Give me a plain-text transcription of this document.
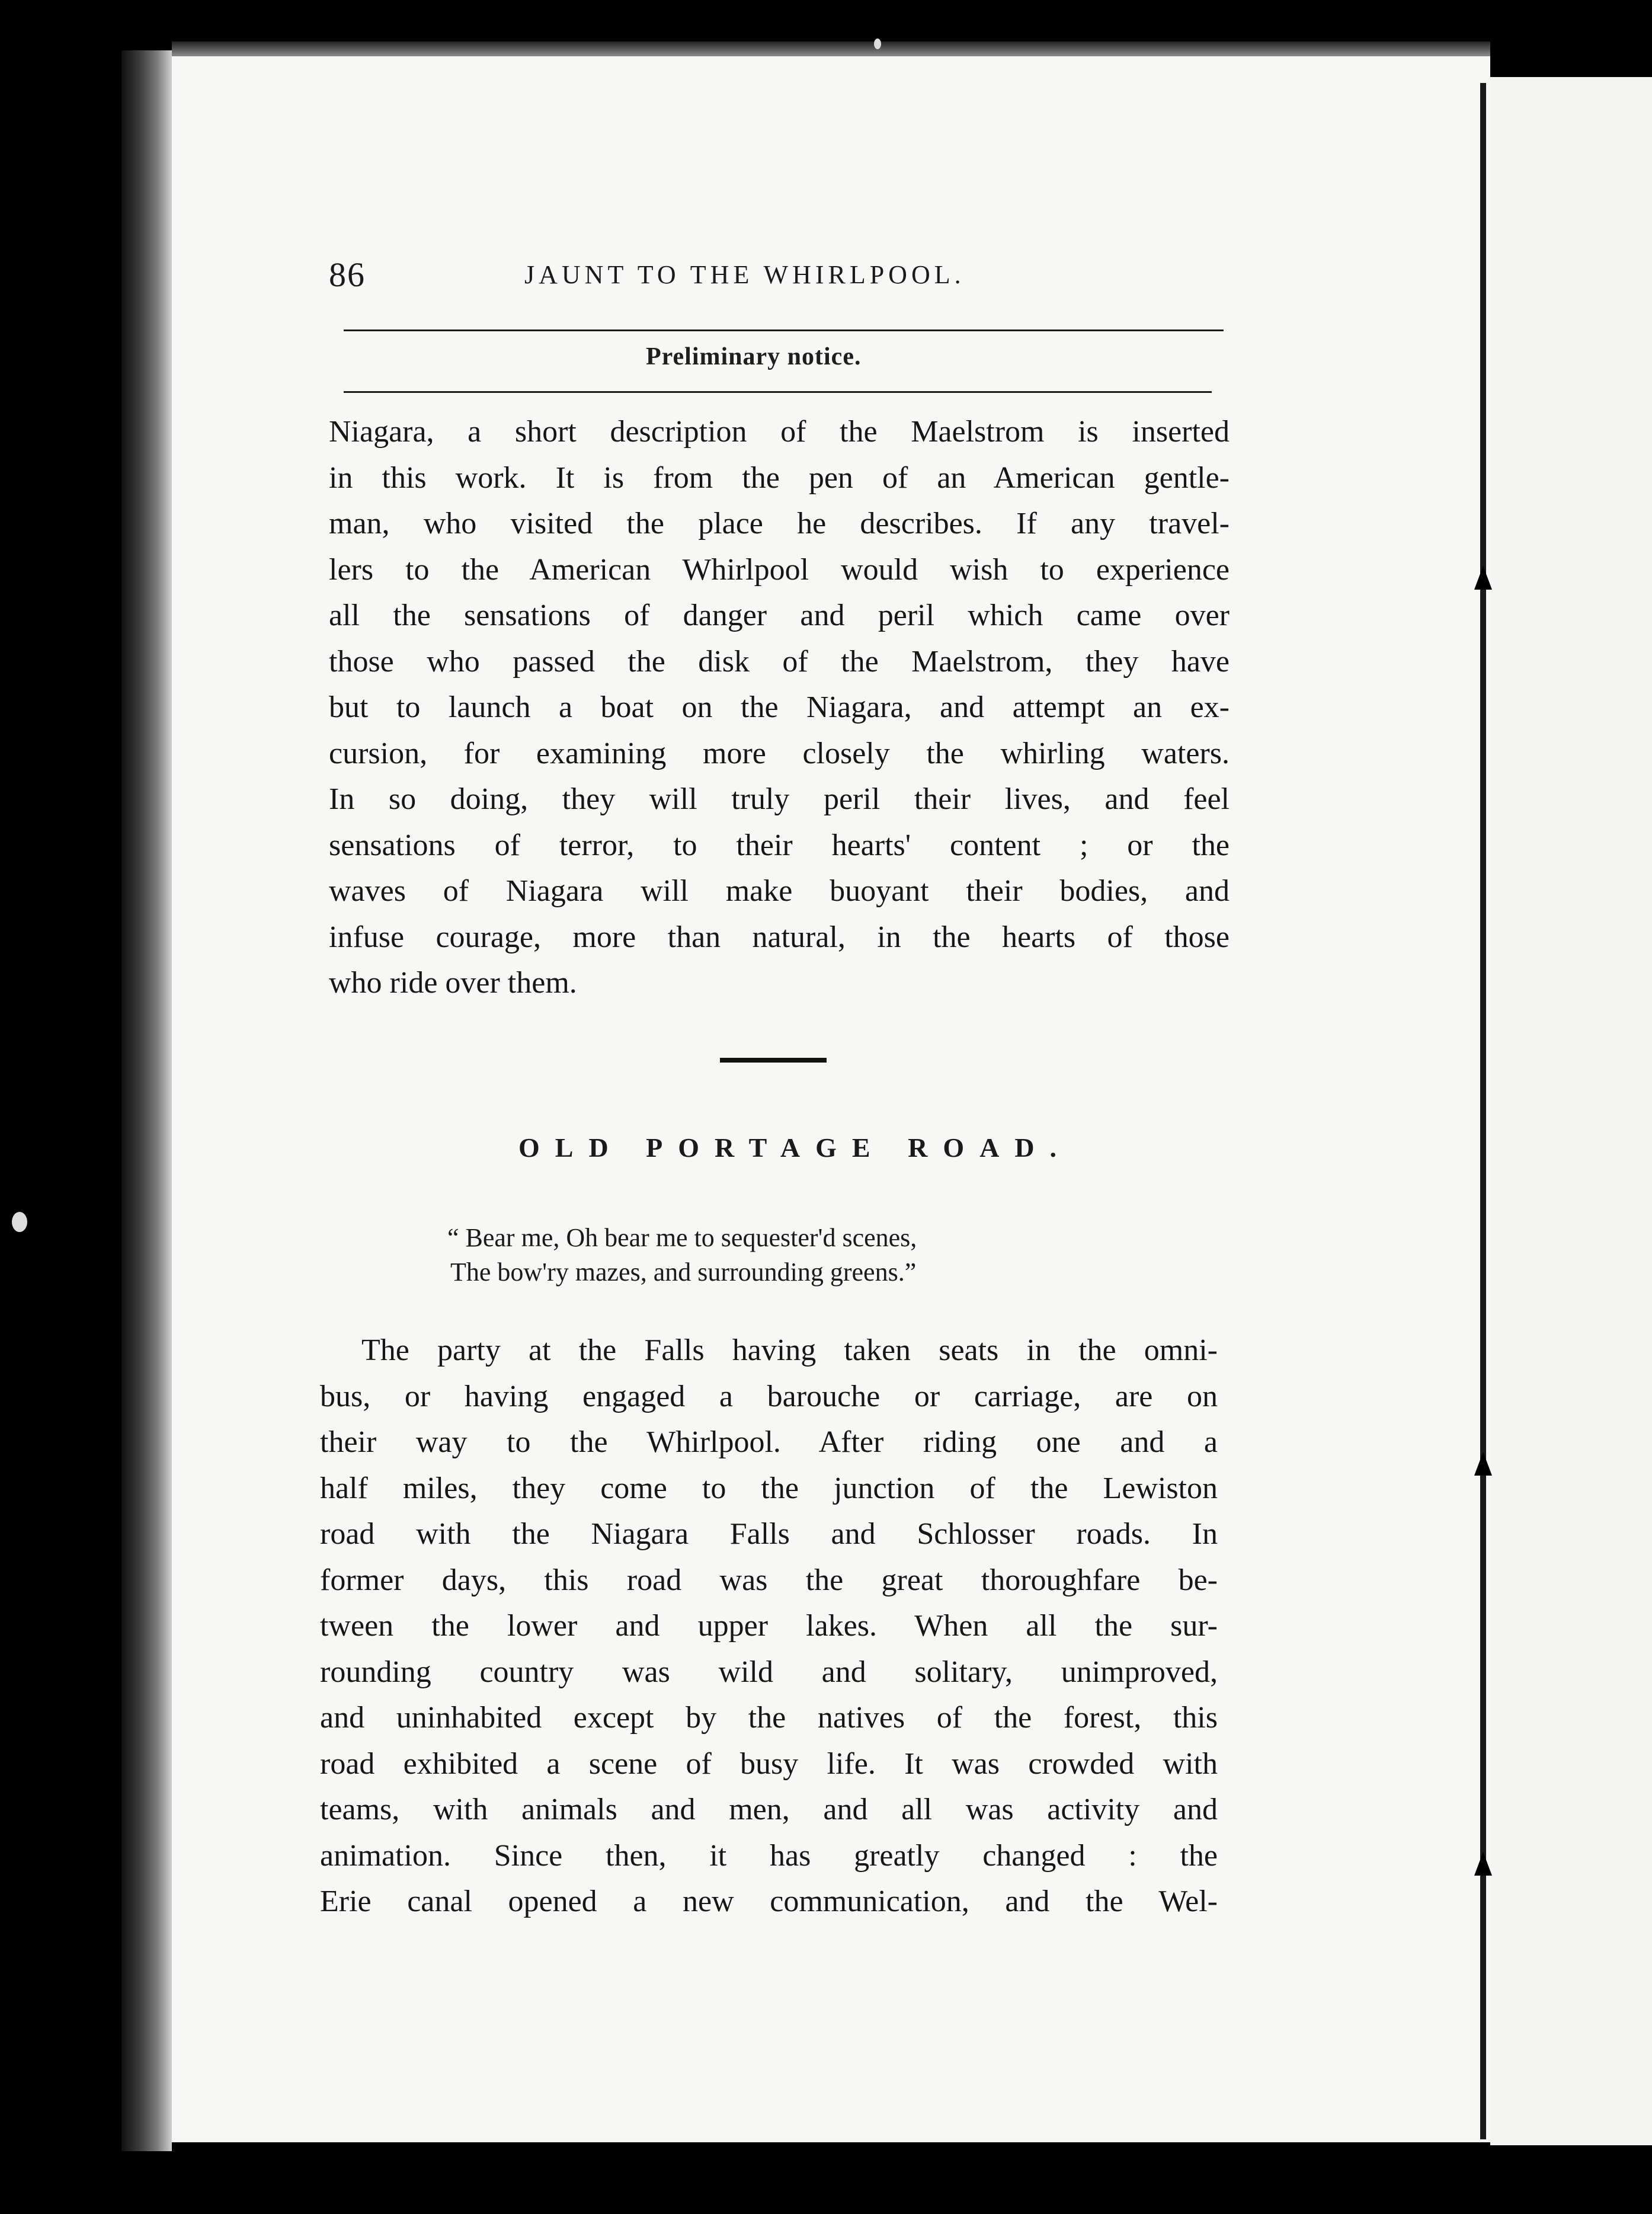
86	JAUNT TO THE WHIRLPOOL.
Preliminary notice.
Niagara, a short description of the Maelstrom is inserted
in this work. It is from the pen of an American gentle-
man, who visited the place he describes. If any travel-
lers to the American Whirlpool would wish to experience
all the sensations of danger and peril which came over
those who passed the disk of the Maelstrom, they have
but to launch a boat on the Niagara, and attempt an ex-
cursion, for examining more closely the whirling waters.
In so doing, they will truly peril their lives, and feel
sensations of terror, to their hearts' content ; or the
waves of Niagara will make buoyant their bodies, and
infuse courage, more than natural, in the hearts of those
who ride over them.
OLD PORTAGE ROAD.
“ Bear me, Oh bear me to sequester'd scenes,
The bow'ry mazes, and surrounding greens.”
The party at the Falls having taken seats in the omni-
bus, or having engaged a barouche or carriage, are on
their way to the Whirlpool. After riding one and a
half miles, they come to the junction of the Lewiston
road with the Niagara Falls and Schlosser roads. In
former days, this road was the great thoroughfare be-
tween the lower and upper lakes. When all the sur-
rounding country was wild and solitary, unimproved,
and uninhabited except by the natives of the forest, this
road exhibited a scene of busy life. It was crowded with
teams, with animals and men, and all was activity and
animation. Since then, it has greatly changed : the
Erie canal opened a new communication, and the Wel-
